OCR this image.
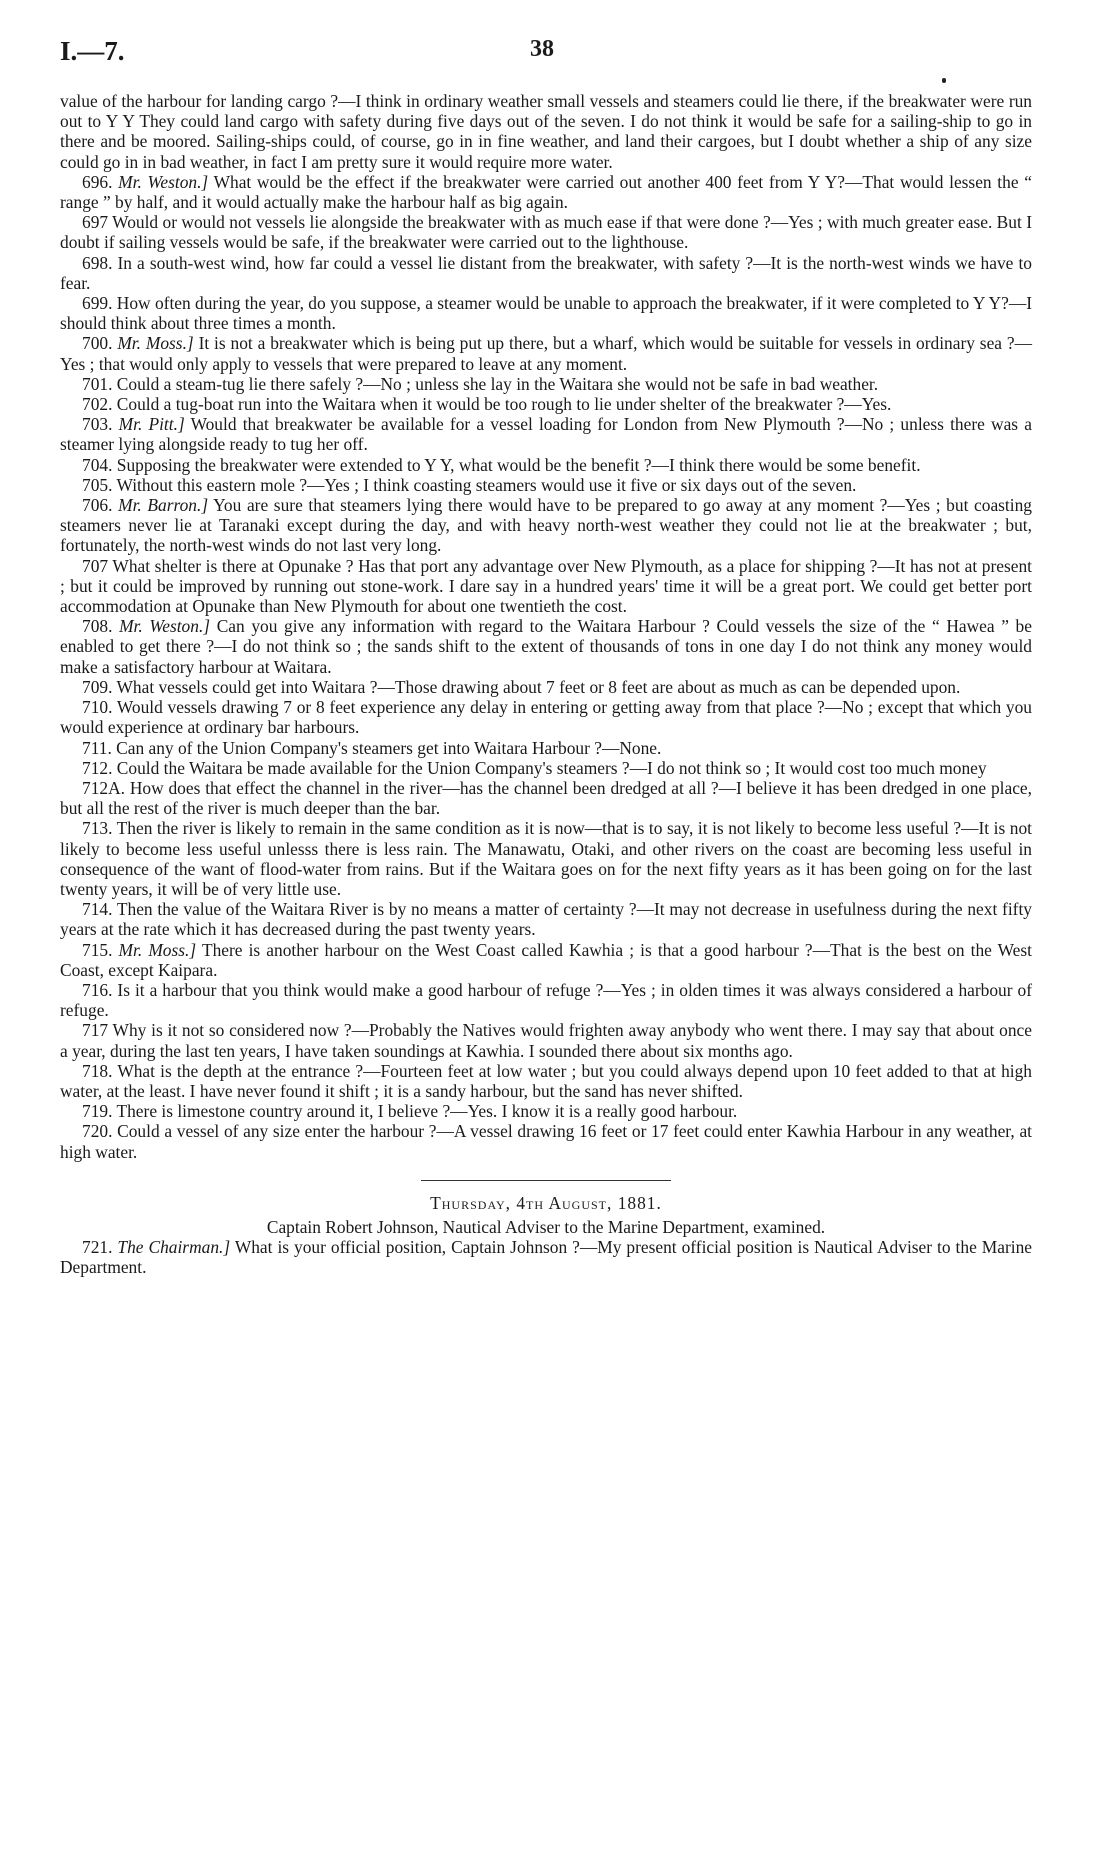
I.—7.	38

value of the harbour for landing cargo ?—I think in ordinary weather small vessels and steamers could lie there, if the breakwater were run out to Y Y They could land cargo with safety during five days out of the seven. I do not think it would be safe for a sailing-ship to go in there and be moored. Sailing-ships could, of course, go in in fine weather, and land their cargoes, but I doubt whether a ship of any size could go in in bad weather, in fact I am pretty sure it would require more water.

696. Mr. Weston.] What would be the effect if the breakwater were carried out another 400 feet from Y Y?—That would lessen the “ range ” by half, and it would actually make the harbour half as big again.

697 Would or would not vessels lie alongside the breakwater with as much ease if that were done ?—Yes ; with much greater ease. But I doubt if sailing vessels would be safe, if the breakwater were carried out to the lighthouse.

698. In a south-west wind, how far could a vessel lie distant from the breakwater, with safety ?—It is the north-west winds we have to fear.

699. How often during the year, do you suppose, a steamer would be unable to approach the breakwater, if it were completed to Y Y?—I should think about three times a month.

700. Mr. Moss.] It is not a breakwater which is being put up there, but a wharf, which would be suitable for vessels in ordinary sea ?—Yes ; that would only apply to vessels that were prepared to leave at any moment.

701. Could a steam-tug lie there safely ?—No ; unless she lay in the Waitara she would not be safe in bad weather.

702. Could a tug-boat run into the Waitara when it would be too rough to lie under shelter of the breakwater ?—Yes.

703. Mr. Pitt.] Would that breakwater be available for a vessel loading for London from New Plymouth ?—No ; unless there was a steamer lying alongside ready to tug her off.

704. Supposing the breakwater were extended to Y Y, what would be the benefit ?—I think there would be some benefit.

705. Without this eastern mole ?—Yes ; I think coasting steamers would use it five or six days out of the seven.

706. Mr. Barron.] You are sure that steamers lying there would have to be prepared to go away at any moment ?—Yes ; but coasting steamers never lie at Taranaki except during the day, and with heavy north-west weather they could not lie at the breakwater ; but, fortunately, the north-west winds do not last very long.

707 What shelter is there at Opunake ? Has that port any advantage over New Plymouth, as a place for shipping ?—It has not at present ; but it could be improved by running out stone-work. I dare say in a hundred years' time it will be a great port. We could get better port accommodation at Opunake than New Plymouth for about one twentieth the cost.

708. Mr. Weston.] Can you give any information with regard to the Waitara Harbour ? Could vessels the size of the “ Hawea ” be enabled to get there ?—I do not think so ; the sands shift to the extent of thousands of tons in one day I do not think any money would make a satisfactory harbour at Waitara.

709. What vessels could get into Waitara ?—Those drawing about 7 feet or 8 feet are about as much as can be depended upon.

710. Would vessels drawing 7 or 8 feet experience any delay in entering or getting away from that place ?—No ; except that which you would experience at ordinary bar harbours.

711. Can any of the Union Company's steamers get into Waitara Harbour ?—None.

712. Could the Waitara be made available for the Union Company's steamers ?—I do not think so ; It would cost too much money

712A. How does that effect the channel in the river—has the channel been dredged at all ?—I believe it has been dredged in one place, but all the rest of the river is much deeper than the bar.

713. Then the river is likely to remain in the same condition as it is now—that is to say, it is not likely to become less useful ?—It is not likely to become less useful unlesss there is less rain. The Manawatu, Otaki, and other rivers on the coast are becoming less useful in consequence of the want of flood-water from rains. But if the Waitara goes on for the next fifty years as it has been going on for the last twenty years, it will be of very little use.

714. Then the value of the Waitara River is by no means a matter of certainty ?—It may not decrease in usefulness during the next fifty years at the rate which it has decreased during the past twenty years.

715. Mr. Moss.] There is another harbour on the West Coast called Kawhia ; is that a good harbour ?—That is the best on the West Coast, except Kaipara.

716. Is it a harbour that you think would make a good harbour of refuge ?—Yes ; in olden times it was always considered a harbour of refuge.

717 Why is it not so considered now ?—Probably the Natives would frighten away anybody who went there. I may say that about once a year, during the last ten years, I have taken soundings at Kawhia. I sounded there about six months ago.

718. What is the depth at the entrance ?—Fourteen feet at low water ; but you could always depend upon 10 feet added to that at high water, at the least. I have never found it shift ; it is a sandy harbour, but the sand has never shifted.

719. There is limestone country around it, I believe ?—Yes. I know it is a really good harbour.

720. Could a vessel of any size enter the harbour ?—A vessel drawing 16 feet or 17 feet could enter Kawhia Harbour in any weather, at high water.

Thursday, 4th August, 1881.

Captain Robert Johnson, Nautical Adviser to the Marine Department, examined.

721. The Chairman.] What is your official position, Captain Johnson ?—My present official position is Nautical Adviser to the Marine Department.
